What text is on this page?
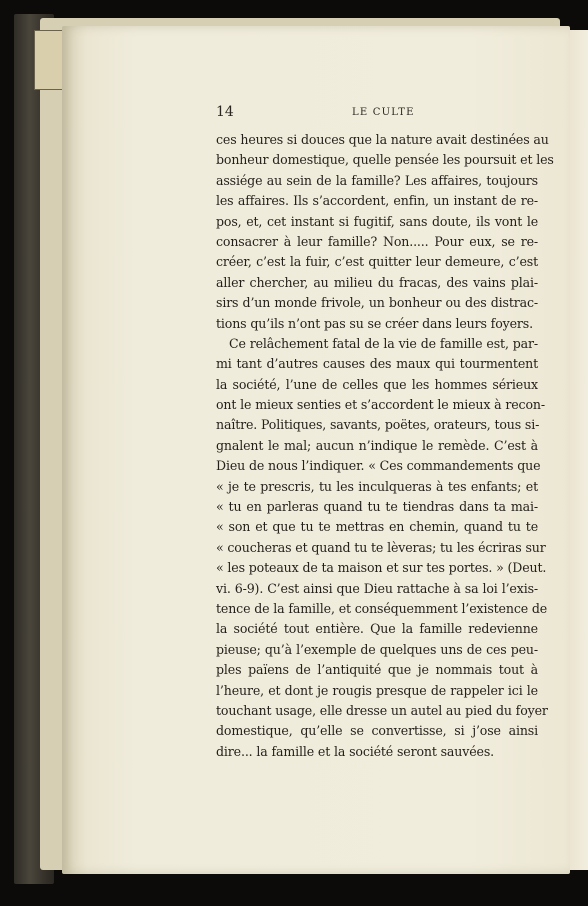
14	LE CULTE
ces heures si douces que la nature avait destinées au
bonheur domestique, quelle pensée les poursuit et les
assiége au sein de la famille? Les affaires, toujours
les affaires. Ils s’accordent, enfin, un instant de re-
pos, et, cet instant si fugitif, sans doute, ils vont le
consacrer à leur famille? Non..... Pour eux, se re-
créer, c’est la fuir, c’est quitter leur demeure, c’est
aller chercher, au milieu du fracas, des vains plai-
sirs d’un monde frivole, un bonheur ou des distrac-
tions qu’ils n’ont pas su se créer dans leurs foyers.
Ce relâchement fatal de la vie de famille est, par-
mi tant d’autres causes des maux qui tourmentent
la société, l’une de celles que les hommes sérieux
ont le mieux senties et s’accordent le mieux à recon-
naître. Politiques, savants, poëtes, orateurs, tous si-
gnalent le mal; aucun n’indique le remède. C’est à
Dieu de nous l’indiquer. « Ces commandements que
« je te prescris, tu les inculqueras à tes enfants; et
« tu en parleras quand tu te tiendras dans ta mai-
« son et que tu te mettras en chemin, quand tu te
« coucheras et quand tu te lèveras; tu les écriras sur
« les poteaux de ta maison et sur tes portes. » (Deut.
vi. 6-9). C’est ainsi que Dieu rattache à sa loi l’exis-
tence de la famille, et conséquemment l’existence de
la société tout entière. Que la famille redevienne
pieuse; qu’à l’exemple de quelques uns de ces peu-
ples païens de l’antiquité que je nommais tout à
l’heure, et dont je rougis presque de rappeler ici le
touchant usage, elle dresse un autel au pied du foyer
domestique, qu’elle se convertisse, si j’ose ainsi
dire... la famille et la société seront sauvées.
